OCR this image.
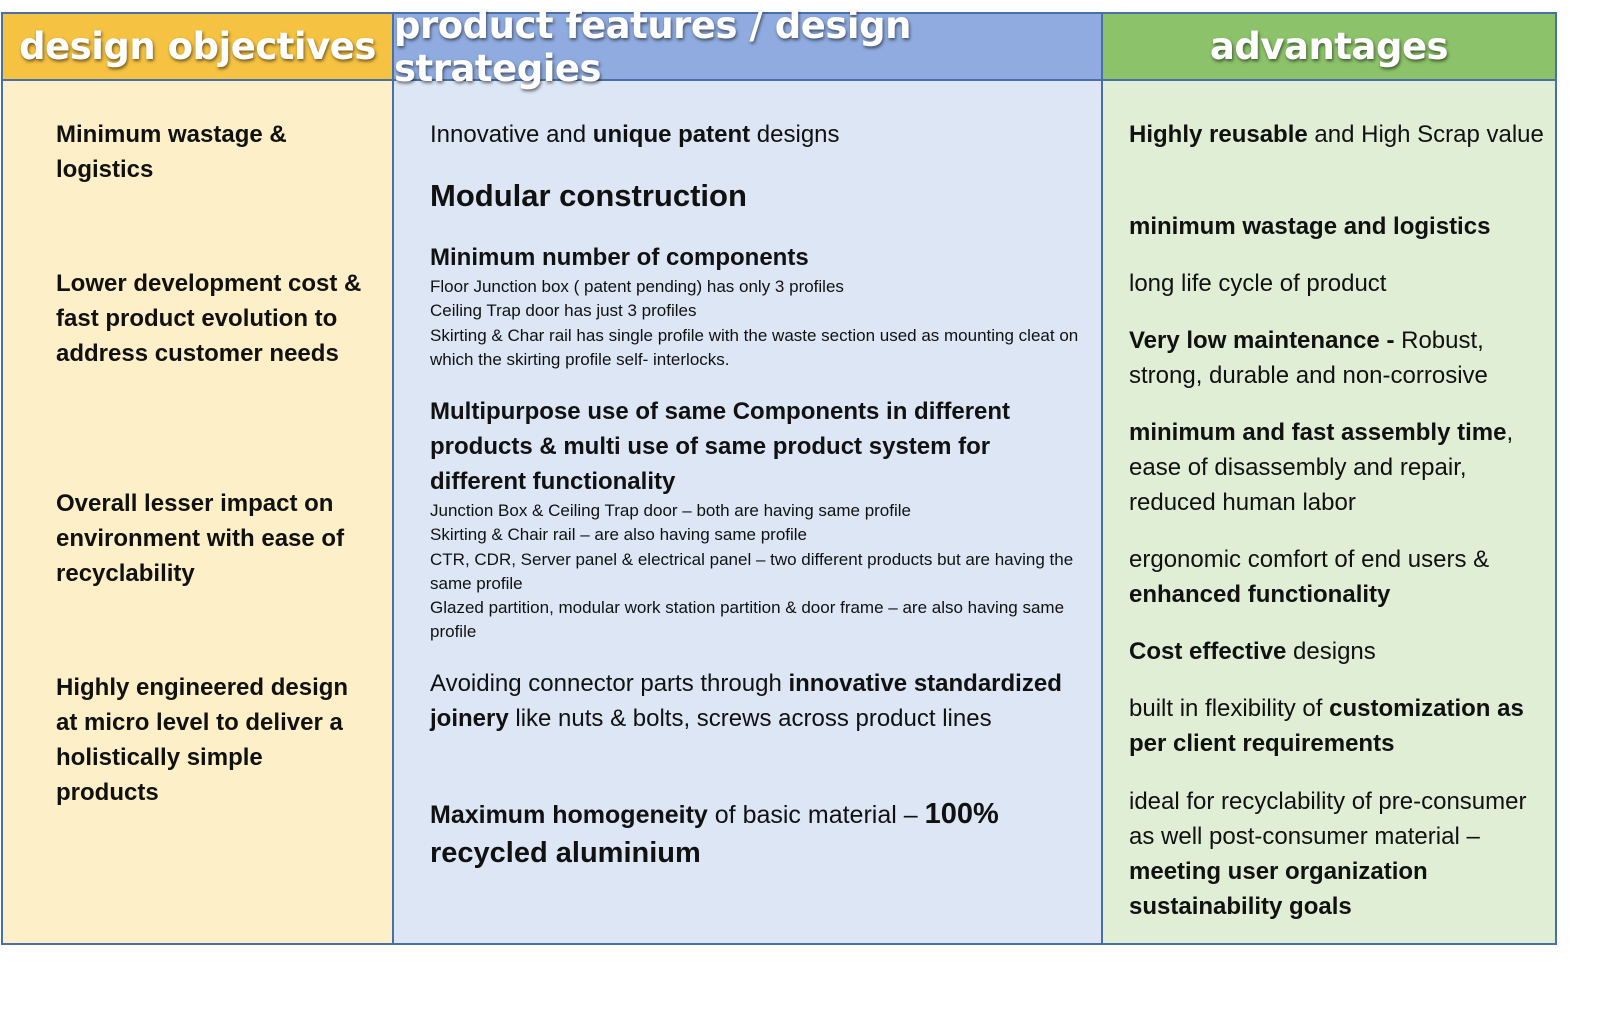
design objectives
Minimum wastage & logistics
Lower development cost & fast product evolution to address customer needs
Overall lesser impact on environment with ease of recyclability
Highly engineered design at micro level to deliver a holistically simple products
product features / design strategies
Innovative and unique patent designs
Modular construction
Minimum number of components
Floor Junction box ( patent pending) has only 3 profiles
Ceiling Trap door has just 3 profiles
Skirting & Char rail has single profile with the waste section used as mounting cleat on which the skirting profile self- interlocks.
Multipurpose use of same Components in different products & multi use of same product system for different functionality
Junction Box & Ceiling Trap door – both are having same profile
Skirting & Chair rail – are also having same profile
CTR, CDR, Server panel & electrical panel – two different products but are having the same profile
Glazed partition, modular work station partition & door frame – are also having same profile
Avoiding connector parts through innovative standardized joinery like nuts & bolts, screws across product lines
Maximum homogeneity of basic material – 100% recycled aluminium
advantages
Highly reusable and High Scrap value
minimum wastage and logistics
long life cycle of product
Very low maintenance - Robust, strong, durable and non-corrosive
minimum and fast assembly time, ease of disassembly and repair, reduced human labor
ergonomic comfort of end users & enhanced functionality
Cost effective designs
built in flexibility of customization as per client requirements
ideal for recyclability of pre-consumer as well post-consumer material – meeting user organization sustainability goals
